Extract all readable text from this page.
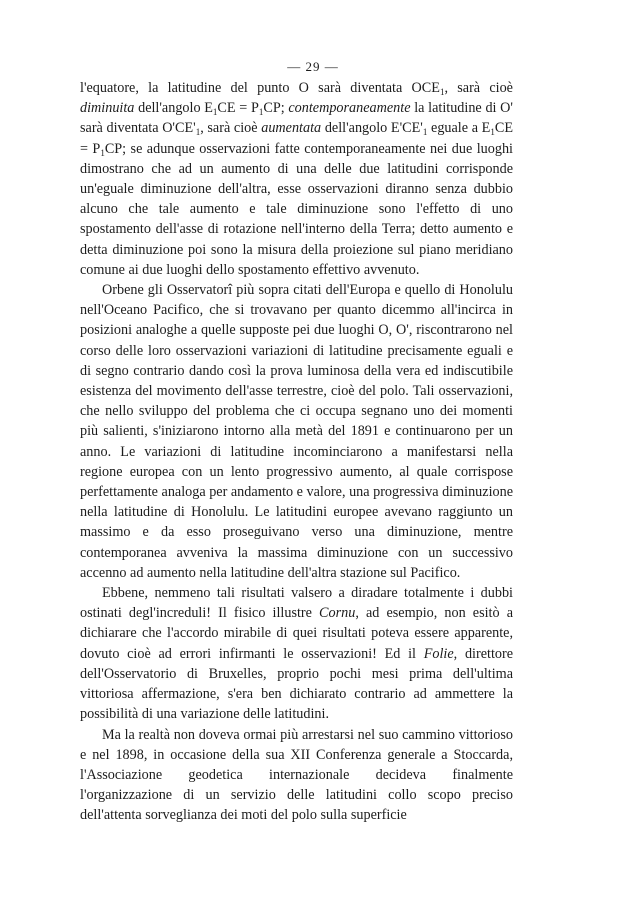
— 29 —

l'equatore, la latitudine del punto O sarà diventata $OCE_1$, sarà cioè diminuita dell'angolo $E_1CE = P_1CP$; contemporaneamente la latitudine di O' sarà diventata $O'CE'_1$, sarà cioè aumentata dell'angolo $E'CE'_1$ eguale a $E_1CE = P_1CP$; se adunque osservazioni fatte contemporaneamente nei due luoghi dimostrano che ad un aumento di una delle due latitudini corrisponde un'eguale diminuzione dell'altra, esse osservazioni diranno senza dubbio alcuno che tale aumento e tale diminuzione sono l'effetto di uno spostamento dell'asse di rotazione nell'interno della Terra; detto aumento e detta diminuzione poi sono la misura della proiezione sul piano meridiano comune ai due luoghi dello spostamento effettivo avvenuto.

Orbene gli Osservatorî più sopra citati dell'Europa e quello di Honolulu nell'Oceano Pacifico, che si trovavano per quanto dicemmo all'incirca in posizioni analoghe a quelle supposte pei due luoghi O, O', riscontrarono nel corso delle loro osservazioni variazioni di latitudine precisamente eguali e di segno contrario dando così la prova luminosa della vera ed indiscutibile esistenza del movimento dell'asse terrestre, cioè del polo. Tali osservazioni, che nello sviluppo del problema che ci occupa segnano uno dei momenti più salienti, s'iniziarono intorno alla metà del 1891 e continuarono per un anno. Le variazioni di latitudine incominciarono a manifestarsi nella regione europea con un lento progressivo aumento, al quale corrispose perfettamente analoga per andamento e valore, una progressiva diminuzione nella latitudine di Honolulu. Le latitudini europee avevano raggiunto un massimo e da esso proseguivano verso una diminuzione, mentre contemporanea avveniva la massima diminuzione con un successivo accenno ad aumento nella latitudine dell'altra stazione sul Pacifico.

Ebbene, nemmeno tali risultati valsero a diradare totalmente i dubbi ostinati degl'increduli! Il fisico illustre Cornu, ad esempio, non esitò a dichiarare che l'accordo mirabile di quei risultati poteva essere apparente, dovuto cioè ad errori infirmanti le osservazioni! Ed il Folie, direttore dell'Osservatorio di Bruxelles, proprio pochi mesi prima dell'ultima vittoriosa affermazione, s'era ben dichiarato contrario ad ammettere la possibilità di una variazione delle latitudini.

Ma la realtà non doveva ormai più arrestarsi nel suo cammino vittorioso e nel 1898, in occasione della sua XII Conferenza generale a Stoccarda, l'Associazione geodetica internazionale decideva finalmente l'organizzazione di un servizio delle latitudini collo scopo preciso dell'attenta sorveglianza dei moti del polo sulla superficie
